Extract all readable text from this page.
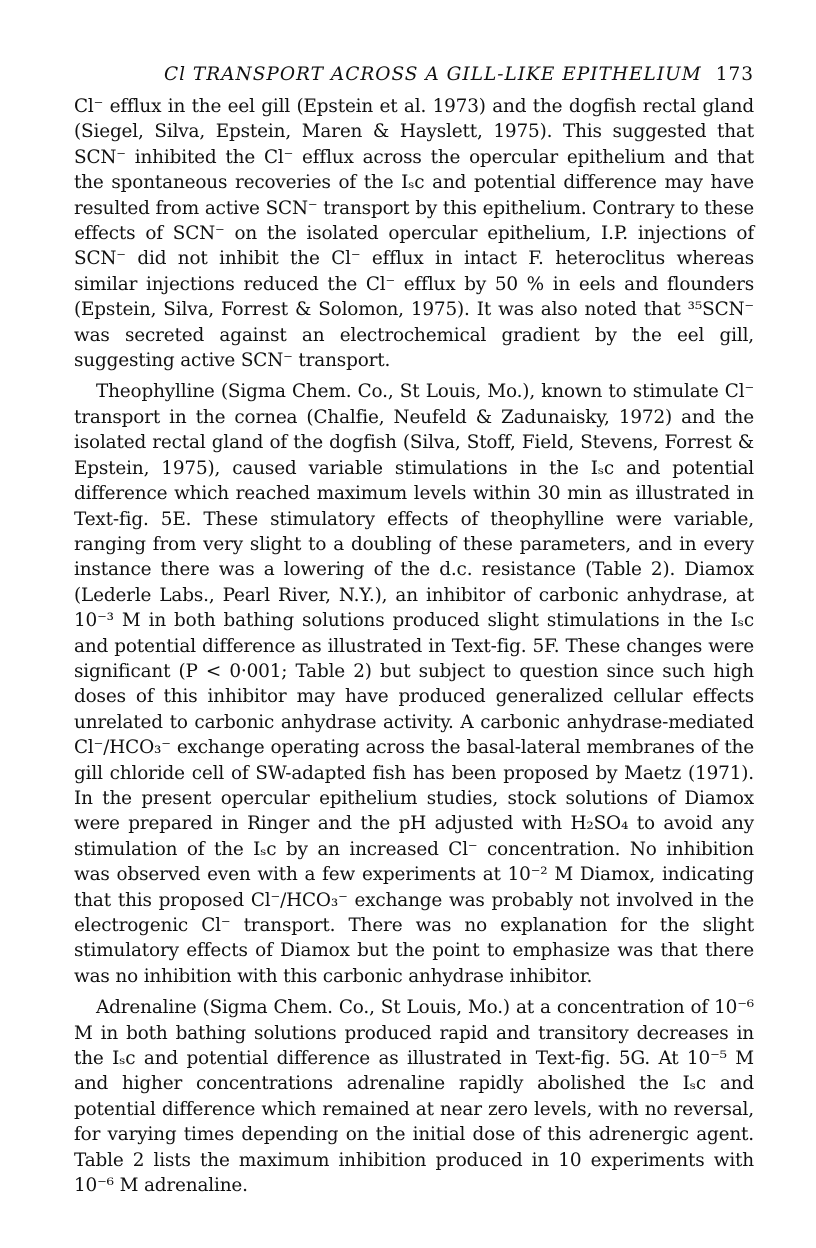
Cl TRANSPORT ACROSS A GILL-LIKE EPITHELIUM 173

Cl⁻ efflux in the eel gill (Epstein et al. 1973) and the dogfish rectal gland (Siegel, Silva, Epstein, Maren & Hayslett, 1975). This suggested that SCN⁻ inhibited the Cl⁻ efflux across the opercular epithelium and that the spontaneous recoveries of the Iₛc and potential difference may have resulted from active SCN⁻ transport by this epithelium. Contrary to these effects of SCN⁻ on the isolated opercular epithelium, I.P. injections of SCN⁻ did not inhibit the Cl⁻ efflux in intact F. heteroclitus whereas similar injections reduced the Cl⁻ efflux by 50 % in eels and flounders (Epstein, Silva, Forrest & Solomon, 1975). It was also noted that ³⁵SCN⁻ was secreted against an electrochemical gradient by the eel gill, suggesting active SCN⁻ transport.

Theophylline (Sigma Chem. Co., St Louis, Mo.), known to stimulate Cl⁻ transport in the cornea (Chalfie, Neufeld & Zadunaisky, 1972) and the isolated rectal gland of the dogfish (Silva, Stoff, Field, Stevens, Forrest & Epstein, 1975), caused variable stimulations in the Iₛc and potential difference which reached maximum levels within 30 min as illustrated in Text-fig. 5E. These stimulatory effects of theophylline were variable, ranging from very slight to a doubling of these parameters, and in every instance there was a lowering of the d.c. resistance (Table 2). Diamox (Lederle Labs., Pearl River, N.Y.), an inhibitor of carbonic anhydrase, at 10⁻³ M in both bathing solutions produced slight stimulations in the Iₛc and potential difference as illustrated in Text-fig. 5F. These changes were significant (P < 0·001; Table 2) but subject to question since such high doses of this inhibitor may have produced generalized cellular effects unrelated to carbonic anhydrase activity. A carbonic anhydrase-mediated Cl⁻/HCO₃⁻ exchange operating across the basal-lateral membranes of the gill chloride cell of SW-adapted fish has been proposed by Maetz (1971). In the present opercular epithelium studies, stock solutions of Diamox were prepared in Ringer and the pH adjusted with H₂SO₄ to avoid any stimulation of the Iₛc by an increased Cl⁻ concentration. No inhibition was observed even with a few experiments at 10⁻² M Diamox, indicating that this proposed Cl⁻/HCO₃⁻ exchange was probably not involved in the electrogenic Cl⁻ transport. There was no explanation for the slight stimulatory effects of Diamox but the point to emphasize was that there was no inhibition with this carbonic anhydrase inhibitor.

Adrenaline (Sigma Chem. Co., St Louis, Mo.) at a concentration of 10⁻⁶ M in both bathing solutions produced rapid and transitory decreases in the Iₛc and potential difference as illustrated in Text-fig. 5G. At 10⁻⁵ M and higher concentrations adrenaline rapidly abolished the Iₛc and potential difference which remained at near zero levels, with no reversal, for varying times depending on the initial dose of this adrenergic agent. Table 2 lists the maximum inhibition produced in 10 experiments with 10⁻⁶ M adrenaline.
